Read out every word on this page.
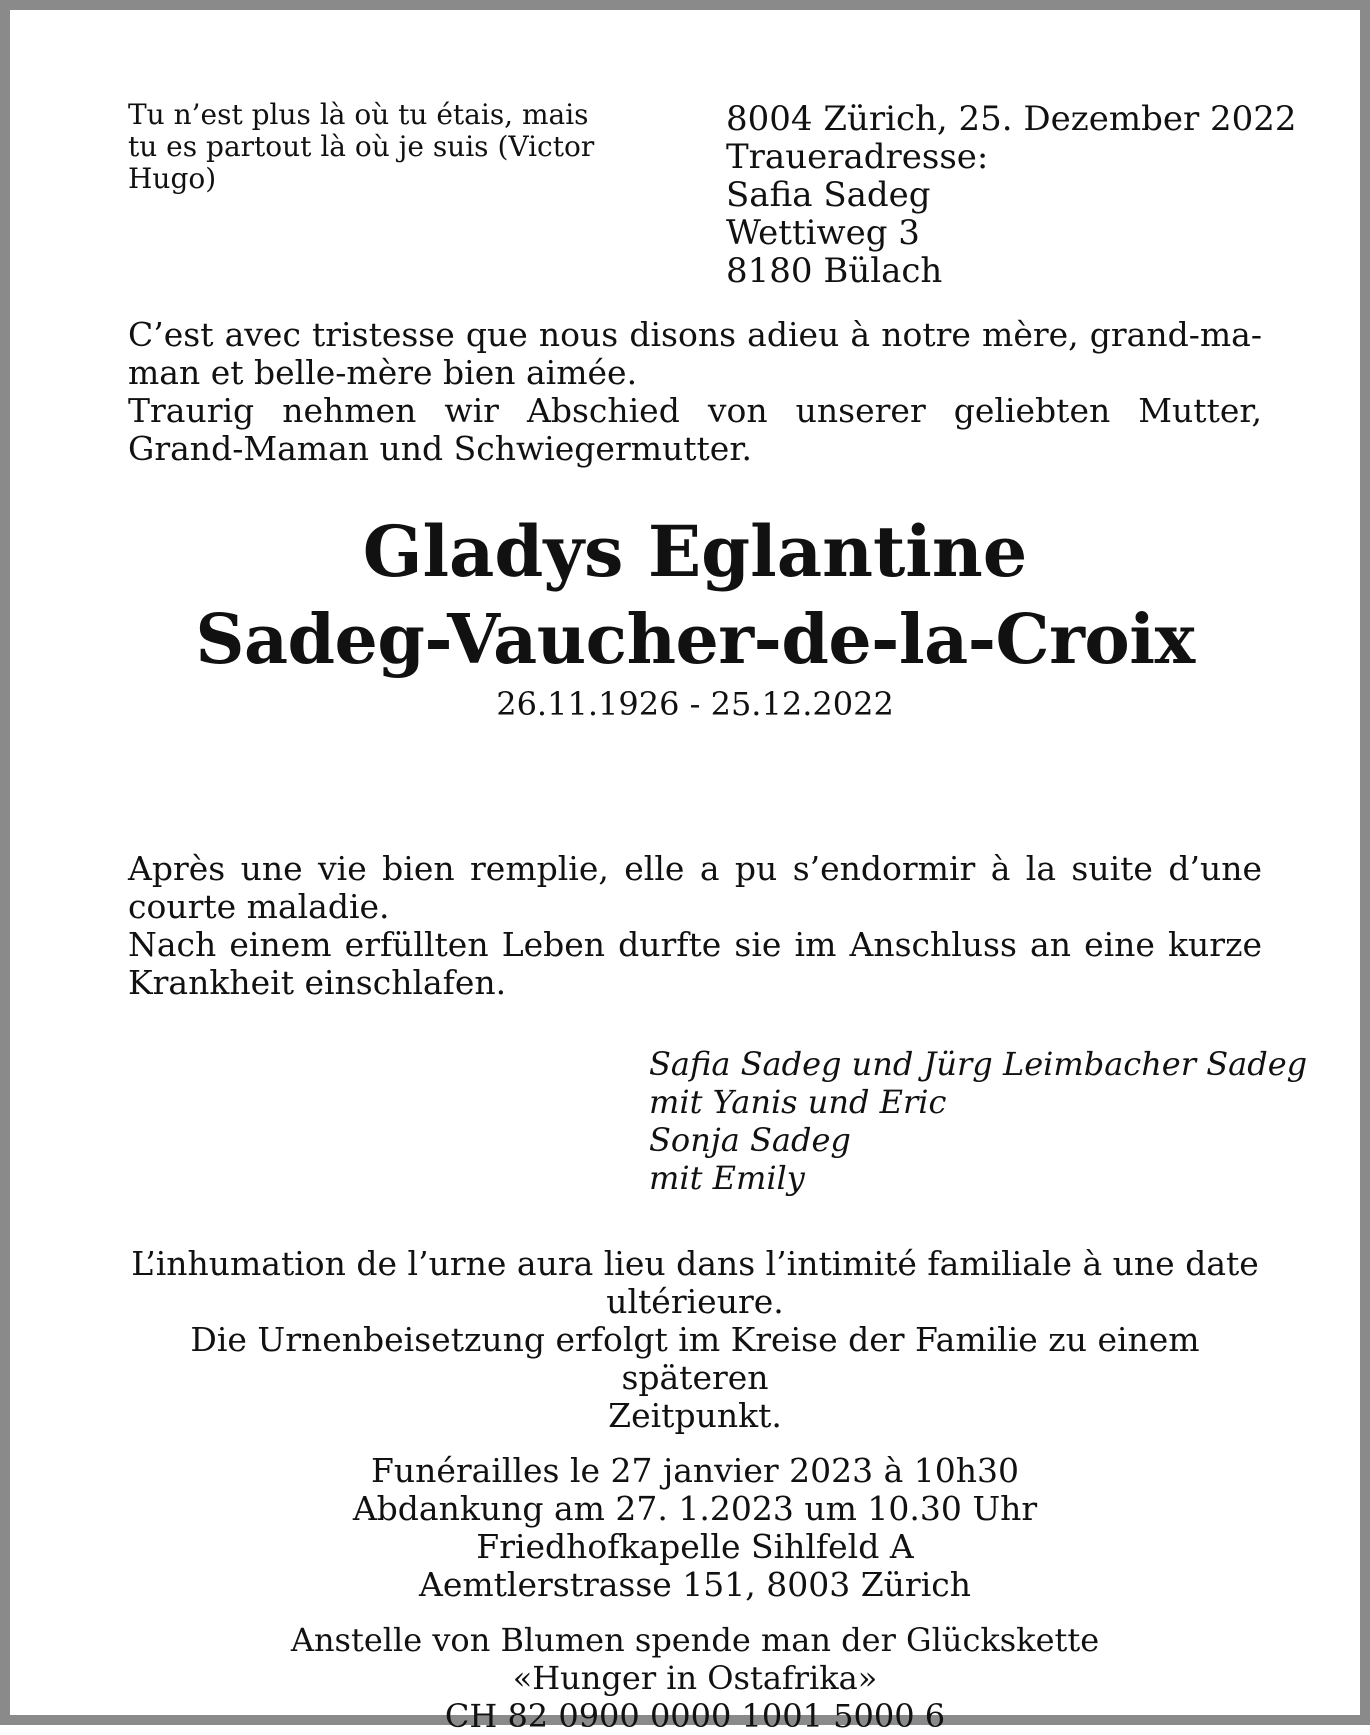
Tu n’est plus là où tu étais, mais
tu es partout là où je suis (Victor
Hugo)
8004 Zürich, 25. Dezember 2022
Traueradresse:
Safia Sadeg
Wettiweg 3
8180 Bülach
C’est avec tristesse que nous disons adieu à notre mère, grand-ma-
man et belle-mère bien aimée.
Traurig nehmen wir Abschied von unserer geliebten Mutter,
Grand-Maman und Schwiegermutter.
Gladys Eglantine
Sadeg-Vaucher-de-la-Croix
26.11.1926 - 25.12.2022
Après une vie bien remplie, elle a pu s’endormir à la suite d’une
courte maladie.
Nach einem erfüllten Leben durfte sie im Anschluss an eine kurze
Krankheit einschlafen.
Safia Sadeg und Jürg Leimbacher Sadeg
mit Yanis und Eric
Sonja Sadeg
mit Emily
L’inhumation de l’urne aura lieu dans l’intimité familiale à une date
ultérieure.
Die Urnenbeisetzung erfolgt im Kreise der Familie zu einem späteren
Zeitpunkt.
Funérailles le 27 janvier 2023 à 10h30
Abdankung am 27. 1.2023 um 10.30 Uhr
Friedhofkapelle Sihlfeld A
Aemtlerstrasse 151, 8003 Zürich
Anstelle von Blumen spende man der Glückskette
«Hunger in Ostafrika»
CH 82 0900 0000 1001 5000 6
